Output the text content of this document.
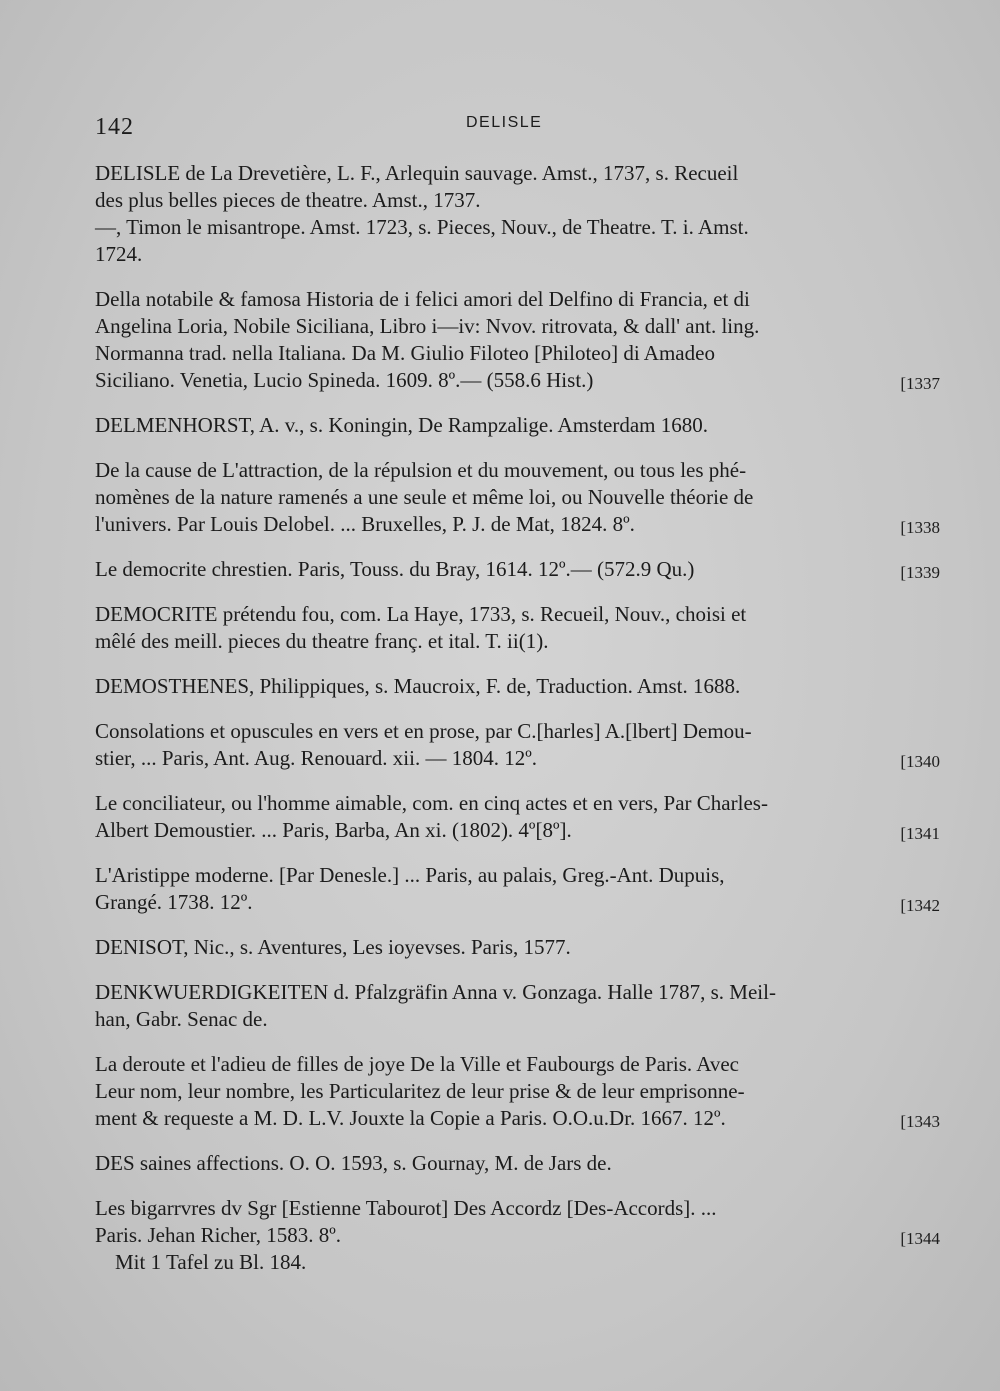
142	DELISLE
DELISLE de La Drevetière, L. F., Arlequin sauvage. Amst., 1737, s. Recueil
des plus belles pieces de theatre. Amst., 1737.
—, Timon le misantrope. Amst. 1723, s. Pieces, Nouv., de Theatre. T. i. Amst.
1724.
Della notabile & famosa Historia de i felici amori del Delfino di Francia, et di
Angelina Loria, Nobile Siciliana, Libro i—iv: Nvov. ritrovata, & dall' ant. ling.
Normanna trad. nella Italiana. Da M. Giulio Filoteo [Philoteo] di Amadeo
[1337
Siciliano. Venetia, Lucio Spineda. 1609. 8º.— (558.6 Hist.)
DELMENHORST, A. v., s. Koningin, De Rampzalige. Amsterdam 1680.
De la cause de L'attraction, de la répulsion et du mouvement, ou tous les phé-
nomènes de la nature ramenés a une seule et même loi, ou Nouvelle théorie de
[1338
l'univers. Par Louis Delobel. ... Bruxelles, P. J. de Mat, 1824. 8º.
[1339
Le democrite chrestien. Paris, Touss. du Bray, 1614. 12º.— (572.9 Qu.)
DEMOCRITE prétendu fou, com. La Haye, 1733, s. Recueil, Nouv., choisi et
mêlé des meill. pieces du theatre franç. et ital. T. ii(1).
DEMOSTHENES, Philippiques, s. Maucroix, F. de, Traduction. Amst. 1688.
Consolations et opuscules en vers et en prose, par C.[harles] A.[lbert] Demou-
[1340
stier, ... Paris, Ant. Aug. Renouard. xii. — 1804. 12º.
Le conciliateur, ou l'homme aimable, com. en cinq actes et en vers, Par Charles-
[1341
Albert Demoustier. ... Paris, Barba, An xi. (1802). 4º[8º].
L'Aristippe moderne. [Par Denesle.] ... Paris, au palais, Greg.-Ant. Dupuis,
[1342
Grangé. 1738. 12º.
DENISOT, Nic., s. Aventures, Les ioyevses. Paris, 1577.
DENKWUERDIGKEITEN d. Pfalzgräfin Anna v. Gonzaga. Halle 1787, s. Meil-
han, Gabr. Senac de.
La deroute et l'adieu de filles de joye De la Ville et Faubourgs de Paris. Avec
Leur nom, leur nombre, les Particularitez de leur prise & de leur emprisonne-
[1343
ment & requeste a M. D. L.V. Jouxte la Copie a Paris. O.O.u.Dr. 1667. 12º.
DES saines affections. O. O. 1593, s. Gournay, M. de Jars de.
Les bigarrvres dv Sgr [Estienne Tabourot] Des Accordz [Des-Accords]. ...
[1344
Paris. Jehan Richer, 1583. 8º.
Mit 1 Tafel zu Bl. 184.
